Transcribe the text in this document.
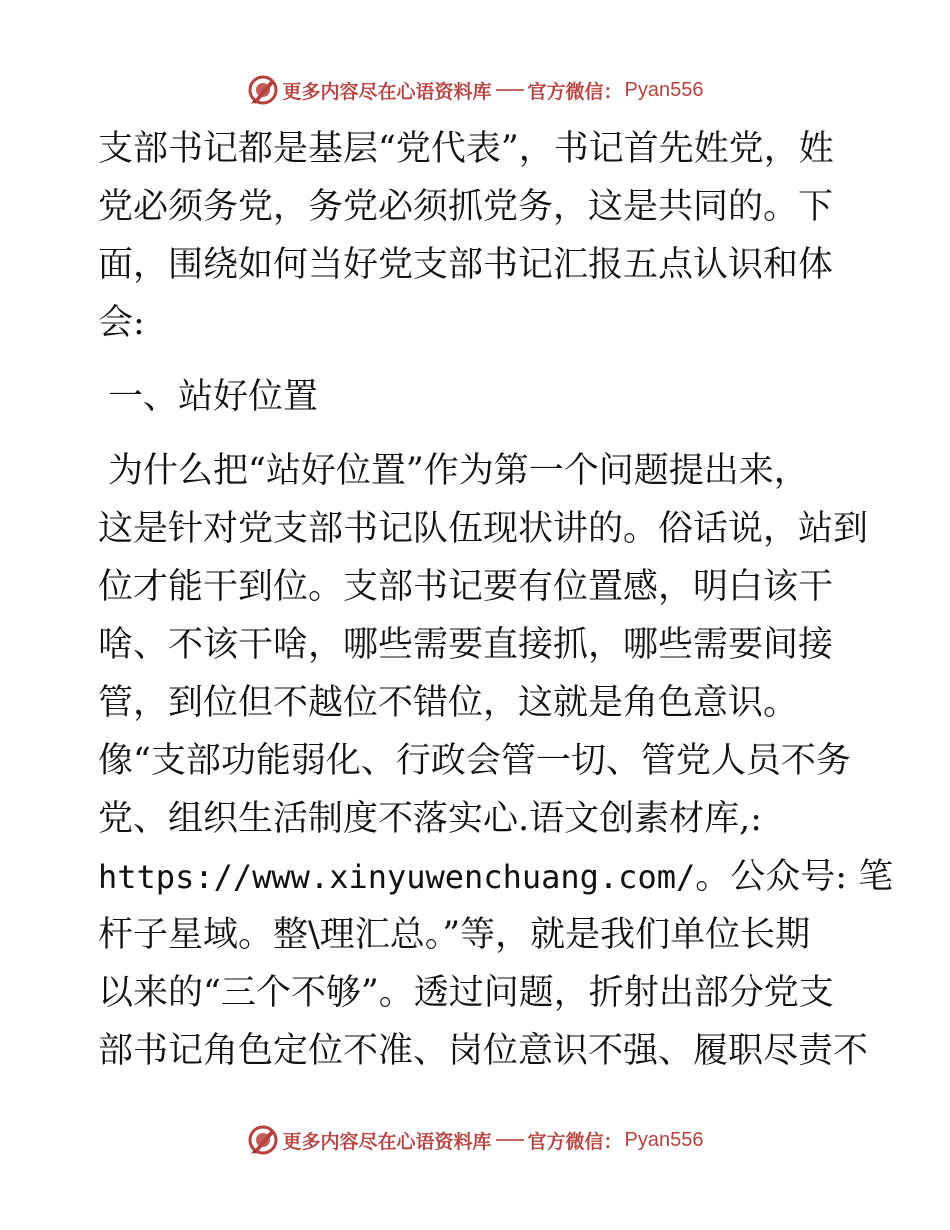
更多内容尽在心语资料库 官方微信： Pyan556
支部书记都是基层“党代表”，书记首先姓党，姓
党必须务党，务党必须抓党务，这是共同的。下
面，围绕如何当好党支部书记汇报五点认识和体
会:
一、站好位置
为什么把“站好位置”作为第一个问题提出来，
这是针对党支部书记队伍现状讲的。俗话说，站到
位才能干到位。支部书记要有位置感，明白该干
啥、不该干啥，哪些需要直接抓，哪些需要间接
管，到位但不越位不错位，这就是角色意识。
像“支部功能弱化、行政会管一切、管党人员不务
党、组织生活制度不落实心.语文创素材库,:
https://www.xinyuwenchuang.com/。公众号: 笔
杆子星域。整\理汇总。”等，就是我们单位长期
以来的“三个不够”。透过问题，折射出部分党支
部书记角色定位不准、岗位意识不强、履职尽责不
更多内容尽在心语资料库 官方微信： Pyan556
